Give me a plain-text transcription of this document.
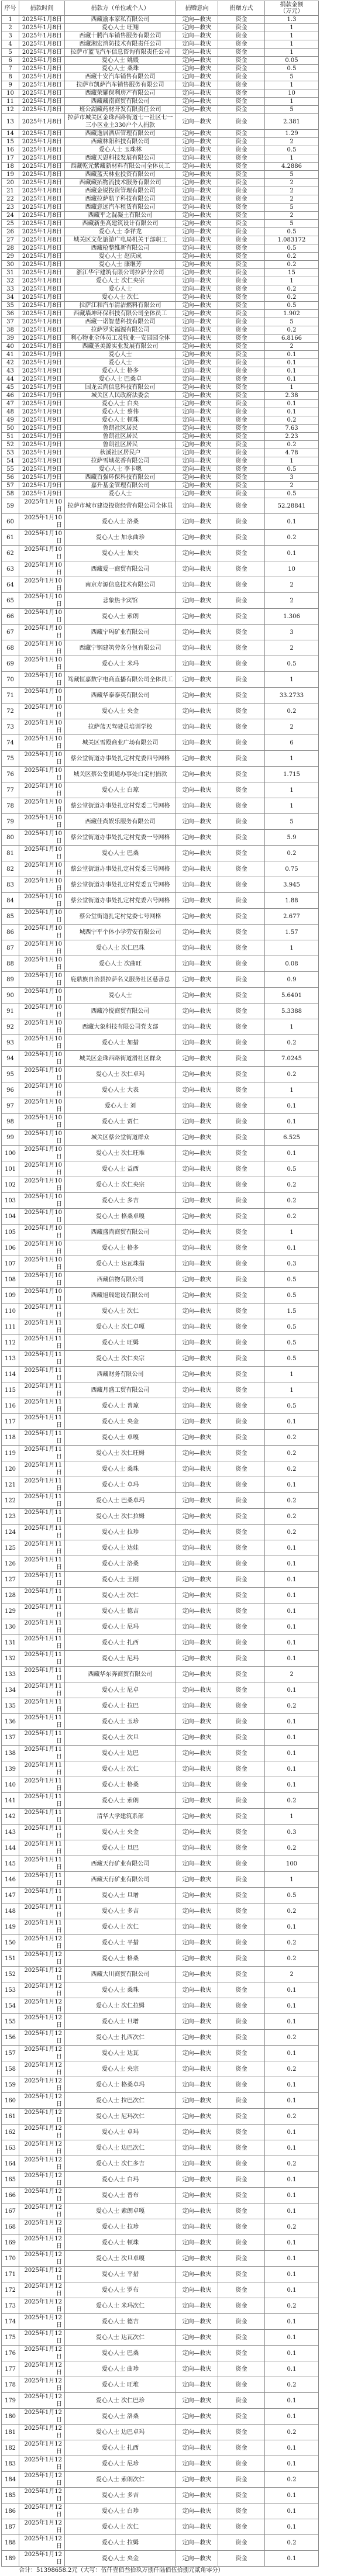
序号	捐款时间	捐款方（单位或个人）	捐赠意向	捐赠方式	捐款金额（万元）
1	2025年1月8日	西藏渝本家私有限公司	定向—救灾	资金	1.3
2	2025年1月8日	爱心人士 旺翔	定向—救灾	资金	1
3	2025年1月8日	西藏十腾汽车销售服务有限公司	定向—救灾	资金	1
4	2025年1月8日	西藏湘宏消防技术有限责任公司	定向—救灾	资金	1
5	2025年1月8日	拉萨市蓝飞汽车信息咨询有限责任公司	定向—救灾	资金	1
6	2025年1月8日	爱心人士 姚媛	定向—救灾	资金	0.05
7	2025年1月8日	爱心人士 桑珠	定向—救灾	资金	0.5
8	2025年1月8日	西藏十安汽车销售有限公司	定向—救灾	资金	5
9	2025年1月8日	拉萨市凯萨汽车销售服务有限公司	定向—救灾	资金	1
10	2025年1月8日	西藏荣耀保利房产有限公司	定向—救灾	资金	10
11	2025年1月8日	西藏藏南商贸有限公司	定向—救灾	资金	1
12	2025年1月8日	班公湖藏药材开发有限责任公司	定向—救灾	资金	5
13	2025年1月8日	拉萨市城关区金珠西路街道七一社区七一三小区业主330户个人捐款	定向—救灾	资金	2.381
14	2025年1月8日	西藏逸居酒店管理有限公司	定向—救灾	资金	1.29
15	2025年1月8日	西藏林阳科技有限公司	定向—救灾	资金	2
16	2025年1月8日	爱心人士 玉珠林	定向—救灾	资金	0.5
17	2025年1月8日	西藏天恩科技发展有限公司	定向—救灾	资金	1
18	2025年1月8日	西藏乾元紫藏新材料有限公司全体员工	定向—救灾	资金	4.2886
19	2025年1月8日	西藏蓝天林业投资有限公司	定向—救灾	资金	5
20	2025年1月8日	西藏藏拓物流技术服务有限公司	定向—救灾	资金	2
21	2025年1月8日	西藏金锐投资管理有限公司	定向—救灾	资金	2
22	2025年1月8日	西藏拉萨航子科技有限公司	定向—救灾	资金	2
23	2025年1月8日	西藏意远汽车租赁有限公司	定向—救灾	资金	5
24	2025年1月8日	西藏平之混凝土有限公司	定向—救灾	资金	2
25	2025年1月8日	西藏新坐高建筑设计有限公司	定向—救灾	资金	5
26	2025年1月8日	爱心人士 李祥龙	定向—救灾	资金	0.5
27	2025年1月8日	城关区文化旅游广电局机关干部职工	定向—救灾	资金	1.083172
28	2025年1月8日	西藏枪整维新有限公司	定向—救灾	资金	0.5
29	2025年1月8日	爱心人士 赵庆成	定向—救灾	资金	0.2
30	2025年1月8日	爱心人士 康继芳	定向—救灾	资金	0.2
31	2025年1月8日	浙江华宇建筑有限公司拉萨分公司	定向—救灾	资金	15
32	2025年1月8日	爱心人士 次仁央宗	定向—救灾	资金	1
33	2025年1月8日	爱心人士	定向—救灾	资金	0.2
34	2025年1月8日	爱心人士 次仁	定向—救灾	资金	0.2
35	2025年1月8日	拉萨江和汽车清洁燃料有限公司	定向—救灾	资金	0.5
36	2025年1月8日	西藏墙坤环保科技有限公司全体员工	定向—救灾	资金	1.902
37	2025年1月8日	西藏一诺智慧科技有限公司	定向—救灾	资金	5
38	2025年1月8日	拉萨罗实福源有限公司	定向—救灾	资金	0.2
39	2025年1月8日	利心物业全体员工及牧业一安园园全体	定向—救灾	资金	6.8166
40	2025年1月8日	西藏圣美源实业发展有限公司	定向—救灾	资金	2
41	2025年1月9日	爱心人士	定向—救灾	资金	0.1
42	2025年1月9日	爱心人士	定向—救灾	资金	0.1
43	2025年1月9日	爱心人士 格多	定向—救灾	资金	0.1
44	2025年1月9日	爱心人士 巴桑卓	定向—救灾	资金	0.1
45	2025年1月9日	国龙云尚信息科技有限公司	定向—救灾	资金	1
46	2025年1月9日	城关区人民政府法委会	定向—救灾	资金	2.38
47	2025年1月9日	爱心人士 白央	定向—救灾	资金	0.1
48	2025年1月9日	爱心人士 蔡伟	定向—救灾	资金	0.1
49	2025年1月9日	爱心人士 顿珠	定向—救灾	资金	0.2
50	2025年1月9日	鲁朗社区居民	定向—救灾	资金	7.63
51	2025年1月9日	鲁朗社区居民	定向—救灾	资金	2.23
52	2025年1月9日	鲁朗社区居民	定向—救灾	资金	0.2
53	2025年1月9日	秋溪社区居民户	定向—救灾	资金	4.78
54	2025年1月9日	拉萨雪域花香有限公司	定向—救灾	资金	1
55	2025年1月9日	爱心人士 李卡嗯	定向—救灾	资金	0.5
56	2025年1月9日	西藏百强环保科技有限公司	定向—救灾	资金	3
57	2025年1月9日	嘉升基金管理有限公司	定向—救灾	资金	2
58	2025年1月9日	爱心人士	定向—救灾	资金	0.5
59	2025年1月10日	拉萨市城市建设投资经营有限公司全体员	定向—救灾	资金	52.28841
60	2025年1月10日	爱心人士 洛桑	定向—救灾	资金	0.1
61	2025年1月10日	爱心人士 加永曲珍	定向—救灾	资金	0.2
62	2025年1月10日	爱心人士 加央	定向—救灾	资金	0.1
63	2025年1月10日	西藏爱一商贸有限公司	定向—救灾	资金	10
64	2025年1月10日	南京寿源信息技术有限公司	定向—救灾	资金	2
65	2025年1月10日	悲象热卡宾馆	定向—救灾	资金	2
66	2025年1月10日	爱心人士 索朗	定向—救灾	资金	1.306
67	2025年1月10日	西藏宁玛矿业有限公司	定向—救灾	资金	3
68	2025年1月10日	西藏宁钢建筑劳务分包有限公司	定向—救灾	资金	2
69	2025年1月10日	爱心人士 米玛	定向—救灾	资金	0.5
70	2025年1月10日	笃藏恒嘉数字电商直播有限公司全体员工	定向—救灾	资金	1
71	2025年1月10日	西藏华泰泰英有限公司	定向—救灾	资金	33.2733
72	2025年1月10日	爱心人士 央金	定向—救灾	资金	0.2
73	2025年1月10日	拉萨蓝天驾驶员培训学校	定向—救灾	资金	2
74	2025年1月10日	城关区雪殿商业广场有限公司	定向—救灾	资金	6
75	2025年1月10日	蔡公堂街道办事处扎定村党委四号网格	定向—救灾	资金	1
76	2025年1月10日	城关区蔡公堂街道办事处白定村捐款	定向—救灾	资金	1.715
77	2025年1月10日	爱心人士 白琼	定向—救灾	资金	1
78	2025年1月10日	蔡公堂街道办事处扎定村党委二号网格	定向—救灾	资金	1
79	2025年1月10日	西藏佳尚娱乐服务有限公司	定向—救灾	资金	5
80	2025年1月10日	蔡公堂街道办事处扎定村党委一号网格	定向—救灾	资金	5.9
81	2025年1月10日	爱心人士 巴桑	定向—救灾	资金	0.2
82	2025年1月10日	蔡公堂街道办事处扎定村党委三号网格	定向—救灾	资金	0.75
83	2025年1月10日	蔡公堂街道办事处扎定村党委五号网格	定向—救灾	资金	3.945
84	2025年1月10日	蔡公堂街道办事处扎定村党委六号网格	定向—救灾	资金	1.88
85	2025年1月10日	蔡公堂街道扎定村党委七号网格	定向—救灾	资金	2.677
86	2025年1月10日	城西宁平个体小学劳安有限公司	定向—救灾	资金	1.57
87	2025年1月10日	爱心人士 次仁巴珠	定向—救灾	资金	1
88	2025年1月10日	爱心人士 次曲旺	定向—救灾	资金	0.08
89	2025年1月10日	鹿鼎族自治县拉萨名义服务社区慈善总	定向—救灾	资金	0.9
90	2025年1月10日	爱心人士	定向—救灾	资金	5.6401
91	2025年1月10日	西藏冷悦商贸有限公司	定向—救灾	资金	5.3388
92	2025年1月10日	西藏大象科技有限公司党支部	定向—救灾	资金	1
93	2025年1月10日	爱心人士 加措	定向—救灾	资金	0.2
94	2025年1月10日	城关区金珠西路街道滑社区群众	定向—救灾	资金	7.0245
95	2025年1月10日	爱心人士 次仁卓玛	定向—救灾	资金	0.2
96	2025年1月10日	爱心人士 大表	定向—救灾	资金	1
97	2025年1月10日	爱心人士 刘	定向—救灾	资金	0.1
98	2025年1月10日	爱心人士 贾仁	定向—救灾	资金	0.1
99	2025年1月10日	城关区蔡公堂街道群众	定向—救灾	资金	6.525
100	2025年1月10日	爱心人士 次仁旺堆	定向—救灾	资金	0.1
101	2025年1月10日	爱心人士 益西	定向—救灾	资金	0.5
102	2025年1月10日	爱心人士 次仁央宗	定向—救灾	资金	0.2
103	2025年1月10日	爱心人士 多吉	定向—救灾	资金	0.2
104	2025年1月10日	爱心人士 格桑卓嘎	定向—救灾	资金	0.2
105	2025年1月10日	西藏盛尚商贸有限公司	定向—救灾	资金	1
106	2025年1月10日	爱心人士 格多	定向—救灾	资金	0.1
107	2025年1月10日	爱心人士 达瓦珠措	定向—救灾	资金	0.3
108	2025年1月10日	西藏信物有限公司	定向—救灾	资金	0.5
109	2025年1月10日	西藏旭瑞建设有限公司	定向—救灾	资金	0.5
110	2025年1月11日	爱心人士 次仁	定向—救灾	资金	1.5
111	2025年1月11日	爱心人士 次仁卓嘎	定向—救灾	资金	0.5
112	2025年1月11日	爱心人士 旺姆	定向—救灾	资金	0.5
113	2025年1月11日	爱心人士 次仁央宗	定向—救灾	资金	0.5
114	2025年1月11日	西藏财务有限公司	定向—救灾	资金	1
115	2025年1月11日	西藏月盛工贸有限公司	定向—救灾	资金	1
116	2025年1月11日	爱心人士 普琼	定向—救灾	资金	0.5
117	2025年1月11日	爱心人士 央金	定向—救灾	资金	0.1
118	2025年1月11日	爱心人士 卓嘎	定向—救灾	资金	0.2
119	2025年1月11日	爱心人士 次仁旺姆	定向—救灾	资金	0.2
120	2025年1月11日	爱心人士 桑珠	定向—救灾	资金	0.2
121	2025年1月11日	爱心人士 卓玛	定向—救灾	资金	0.1
122	2025年1月11日	爱心人士 巴桑卓玛	定向—救灾	资金	0.2
123	2025年1月11日	爱心人士 次仁拉姆	定向—救灾	资金	0.2
124	2025年1月11日	爱心人士 拉珍	定向—救灾	资金	0.2
125	2025年1月11日	爱心人士 达娃	定向—救灾	资金	0.1
126	2025年1月11日	爱心人士 洛桑	定向—救灾	资金	0.1
127	2025年1月11日	爱心人士 王刚	定向—救灾	资金	0.1
128	2025年1月11日	爱心人士 次仁	定向—救灾	资金	0.1
129	2025年1月11日	爱心人士 德吉	定向—救灾	资金	0.1
130	2025年1月11日	爱心人士 尼玛	定向—救灾	资金	0.1
131	2025年1月11日	爱心人士 扎西	定向—救灾	资金	0.1
132	2025年1月11日	爱心人士 尼玛	定向—救灾	资金	0.1
133	2025年1月11日	西藏华东奔商贸有限公司	定向—救灾	资金	2
134	2025年1月11日	爱心人士 尼卓	定向—救灾	资金	0.1
135	2025年1月11日	爱心人士 拉巴	定向—救灾	资金	0.2
136	2025年1月11日	爱心人士 玉珍	定向—救灾	资金	0.1
137	2025年1月11日	爱心人士 次旦	定向—救灾	资金	0.1
138	2025年1月11日	爱心人士 边巴	定向—救灾	资金	0.1
139	2025年1月11日	爱心人士 次仁	定向—救灾	资金	0.1
140	2025年1月11日	爱心人士 格桑	定向—救灾	资金	0.1
141	2025年1月11日	爱心人士 索朗	定向—救灾	资金	0.2
142	2025年1月11日	清华大学建筑系部	定向—救灾	资金	1
143	2025年1月11日	爱心人士 央金	定向—救灾	资金	0.3
144	2025年1月11日	爱心人士 旦巴	定向—救灾	资金	0.2
145	2025年1月11日	西藏天行矿业有限公司	定向—救灾	资金	100
146	2025年1月11日	西藏天行矿业有限公司	定向—救灾	资金	1
147	2025年1月11日	爱心人士 旦增	定向—救灾	资金	0.5
148	2025年1月11日	爱心人士 多吉	定向—救灾	资金	0.2
149	2025年1月11日	爱心人士 次仁	定向—救灾	资金	0.1
150	2025年1月12日	爱心人士 平措	定向—救灾	资金	0.2
151	2025年1月12日	爱心人士 格桑	定向—救灾	资金	0.2
152	2025年1月12日	西藏大川商贸有限公司	定向—救灾	资金	2
153	2025年1月12日	爱心人士 桑珠	定向—救灾	资金	0.1
154	2025年1月12日	爱心人士 次仁拉姆	定向—救灾	资金	0.1
155	2025年1月12日	爱心人士 旦增	定向—救灾	资金	0.1
156	2025年1月12日	爱心人士 扎西次仁	定向—救灾	资金	0.2
157	2025年1月12日	爱心人士 达瓦	定向—救灾	资金	0.1
158	2025年1月12日	爱心人士 央宗	定向—救灾	资金	0.2
159	2025年1月12日	爱心人士 格桑卓玛	定向—救灾	资金	0.1
160	2025年1月12日	爱心人士 拉巴次仁	定向—救灾	资金	0.1
161	2025年1月12日	爱心人士 尼玛次仁	定向—救灾	资金	0.2
162	2025年1月12日	爱心人士 卓玛	定向—救灾	资金	0.1
163	2025年1月12日	爱心人士 边巴次仁	定向—救灾	资金	0.1
164	2025年1月12日	爱心人士 次仁多吉	定向—救灾	资金	0.2
165	2025年1月12日	爱心人士 白玛	定向—救灾	资金	0.1
166	2025年1月12日	爱心人士 普布	定向—救灾	资金	0.1
167	2025年1月12日	爱心人士 索朗卓嘎	定向—救灾	资金	0.1
168	2025年1月12日	爱心人士 拉珍	定向—救灾	资金	0.2
169	2025年1月12日	爱心人士 顿珠	定向—救灾	资金	0.1
170	2025年1月12日	爱心人士 次旦卓嘎	定向—救灾	资金	0.1
171	2025年1月12日	爱心人士 平措	定向—救灾	资金	0.1
172	2025年1月12日	爱心人士 罗布	定向—救灾	资金	0.1
173	2025年1月12日	爱心人士 米玛次仁	定向—救灾	资金	0.2
174	2025年1月12日	爱心人士 德吉	定向—救灾	资金	0.1
175	2025年1月12日	爱心人士 达瓦次仁	定向—救灾	资金	0.1
176	2025年1月12日	爱心人士 巴桑	定向—救灾	资金	0.1
177	2025年1月12日	爱心人士 曲珍	定向—救灾	资金	0.1
178	2025年1月12日	爱心人士 旺堆	定向—救灾	资金	0.2
179	2025年1月12日	爱心人士 次仁巴珍	定向—救灾	资金	0.1
180	2025年1月12日	爱心人士 洛桑	定向—救灾	资金	0.1
181	2025年1月12日	爱心人士 边巴卓玛	定向—救灾	资金	0.2
182	2025年1月12日	爱心人士 扎西	定向—救灾	资金	0.1
183	2025年1月12日	爱心人士 尼珍	定向—救灾	资金	0.1
184	2025年1月12日	爱心人士 索朗次仁	定向—救灾	资金	0.2
185	2025年1月12日	爱心人士 多吉	定向—救灾	资金	0.1
186	2025年1月12日	爱心人士 白珍	定向—救灾	资金	0.1
187	2025年1月12日	爱心人士 次仁	定向—救灾	资金	0.1
188	2025年1月12日	爱心人士 拉姆	定向—救灾	资金	0.2
189	2025年1月12日	爱心人士 央金	定向—救灾	资金	0.1
合计：51398658.2元（大写：伍仟壹佰叁拾玖万捌仟陆佰伍拾捌元贰角零分）
